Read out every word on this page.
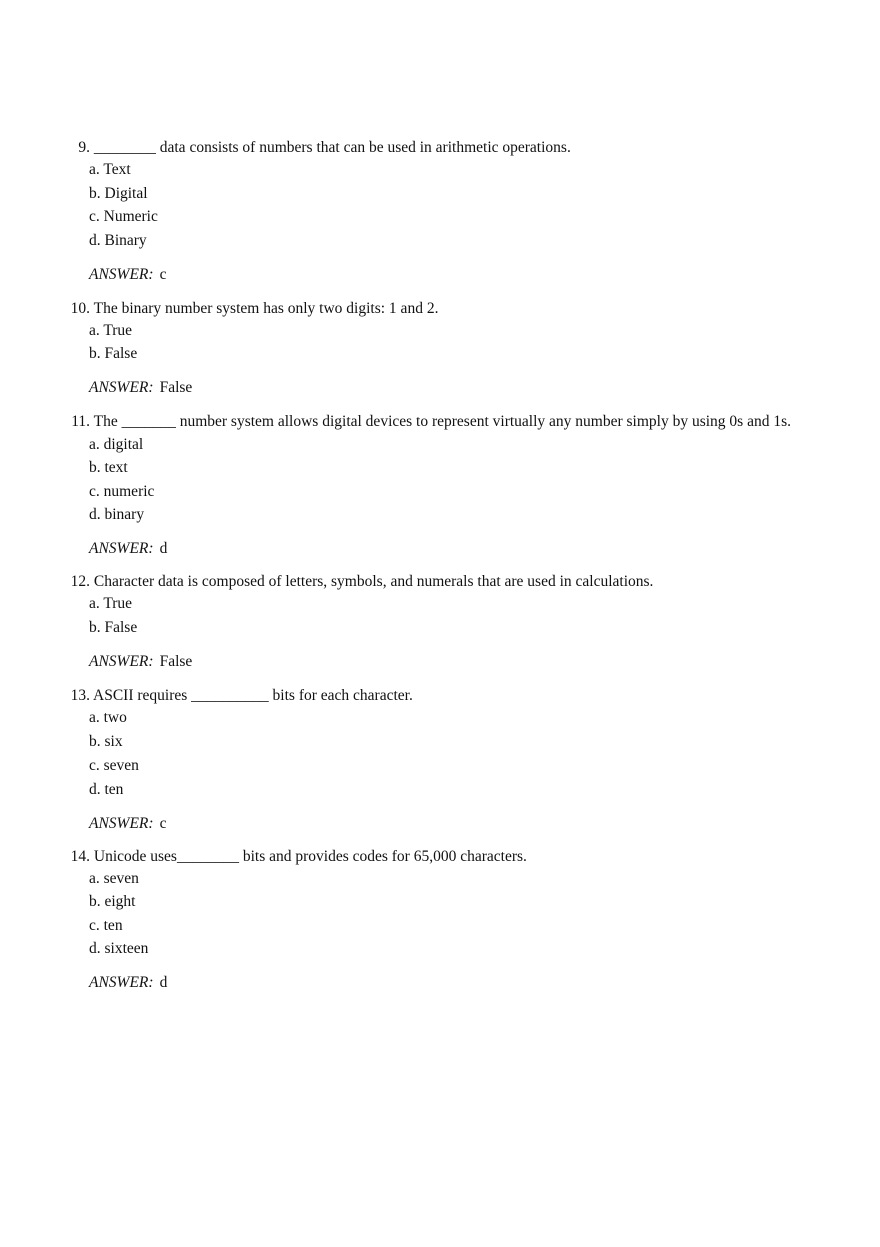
9. ________ data consists of numbers that can be used in arithmetic operations.
a. Text
b. Digital
c. Numeric
d. Binary
ANSWER: c
10. The binary number system has only two digits: 1 and 2.
a. True
b. False
ANSWER: False
11. The _______ number system allows digital devices to represent virtually any number simply by using 0s and 1s.
a. digital
b. text
c. numeric
d. binary
ANSWER: d
12. Character data is composed of letters, symbols, and numerals that are used in calculations.
a. True
b. False
ANSWER: False
13. ASCII requires __________ bits for each character.
a. two
b. six
c. seven
d. ten
ANSWER: c
14. Unicode uses________ bits and provides codes for 65,000 characters.
a. seven
b. eight
c. ten
d. sixteen
ANSWER: d
